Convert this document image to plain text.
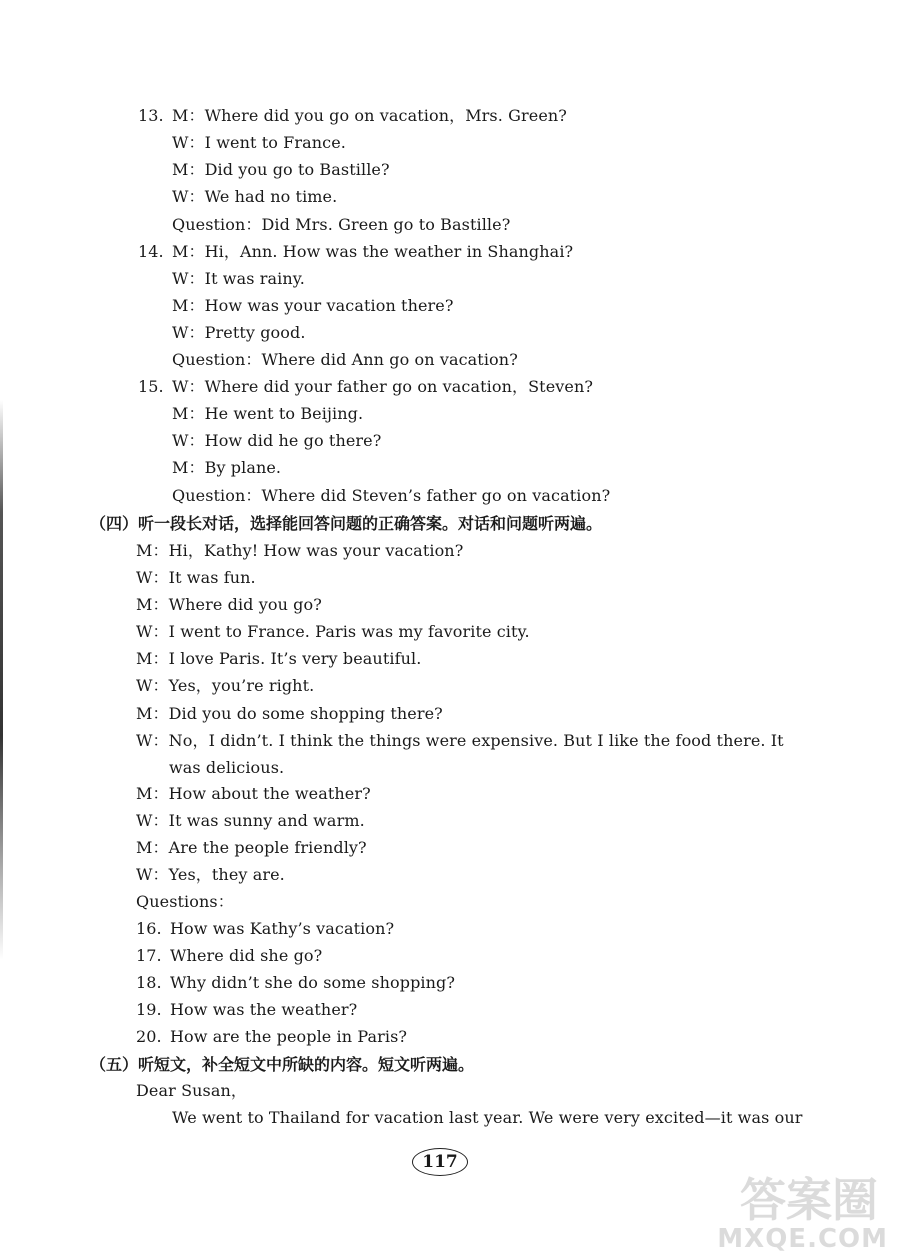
13. M：Where did you go on vacation，Mrs. Green?
W：I went to France.
M：Did you go to Bastille?
W：We had no time.
Question：Did Mrs. Green go to Bastille?
14. M：Hi，Ann. How was the weather in Shanghai?
W：It was rainy.
M：How was your vacation there?
W：Pretty good.
Question：Where did Ann go on vacation?
15. W：Where did your father go on vacation，Steven?
M：He went to Beijing.
W：How did he go there?
M：By plane.
Question：Where did Steven’s father go on vacation?
（四）听一段长对话，选择能回答问题的正确答案。对话和问题听两遍。
M：Hi，Kathy! How was your vacation?
W：It was fun.
M：Where did you go?
W：I went to France. Paris was my favorite city.
M：I love Paris. It’s very beautiful.
W：Yes，you’re right.
M：Did you do some shopping there?
W：No，I didn’t. I think the things were expensive. But I like the food there. It
was delicious.
M：How about the weather?
W：It was sunny and warm.
M：Are the people friendly?
W：Yes，they are.
Questions：
16. How was Kathy’s vacation?
17. Where did she go?
18. Why didn’t she do some shopping?
19. How was the weather?
20. How are the people in Paris?
（五）听短文，补全短文中所缺的内容。短文听两遍。
Dear Susan，
We went to Thailand for vacation last year. We were very excited—it was our
117
答案圈
MXQE.COM
